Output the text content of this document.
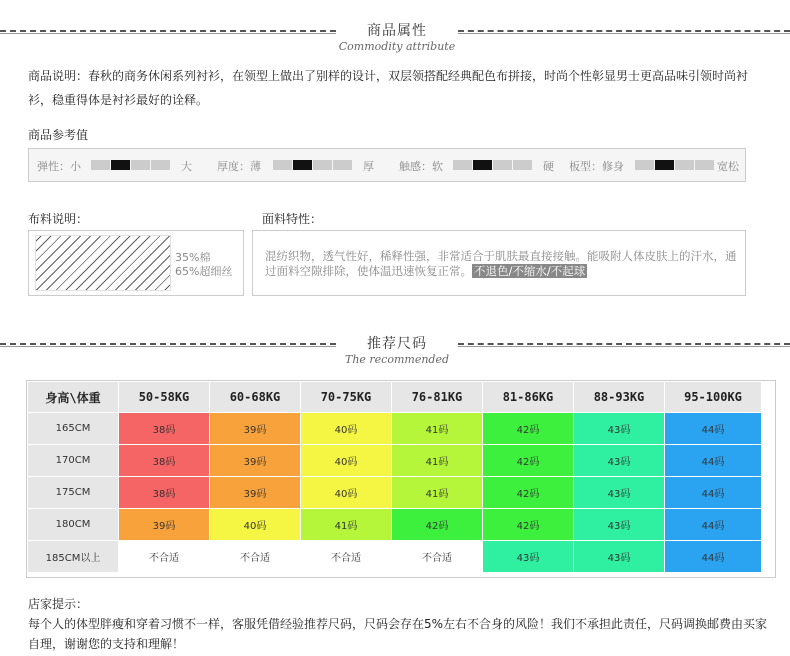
商品属性
Commodity attribute
商品说明：春秋的商务休闲系列衬衫，在领型上做出了别样的设计，双层领搭配经典配色布拼接，时尚个性彰显男士更高品味引领时尚衬衫，稳重得体是衬衫最好的诠释。
商品参考值
弹性：小	大 厚度：薄	厚 触感：软	硬 板型：修身	宽松
布料说明：	面料特性：
35%棉
65%超细丝
混纺织物，透气性好，稀释性强，非常适合于肌肤最直接接触。能吸附人体皮肤上的汗水，通过面料空隙排除，使体温迅速恢复正常。 不退色/不缩水/不起球
推荐尺码
The recommended
身高\体重	50-58KG	60-68KG	70-75KG	76-81KG	81-86KG	88-93KG	95-100KG
165CM	38码	39码	40码	41码	42码	43码	44码
170CM	38码	39码	40码	41码	42码	43码	44码
175CM	38码	39码	40码	41码	42码	43码	44码
180CM	39码	40码	41码	42码	42码	43码	44码
185CM以上	不合适	不合适	不合适	不合适	43码	43码	44码
店家提示：
每个人的体型胖瘦和穿着习惯不一样，客服凭借经验推荐尺码，尺码会存在5%左右不合身的风险！我们不承担此责任，尺码调换邮费由买家自理，谢谢您的支持和理解！
